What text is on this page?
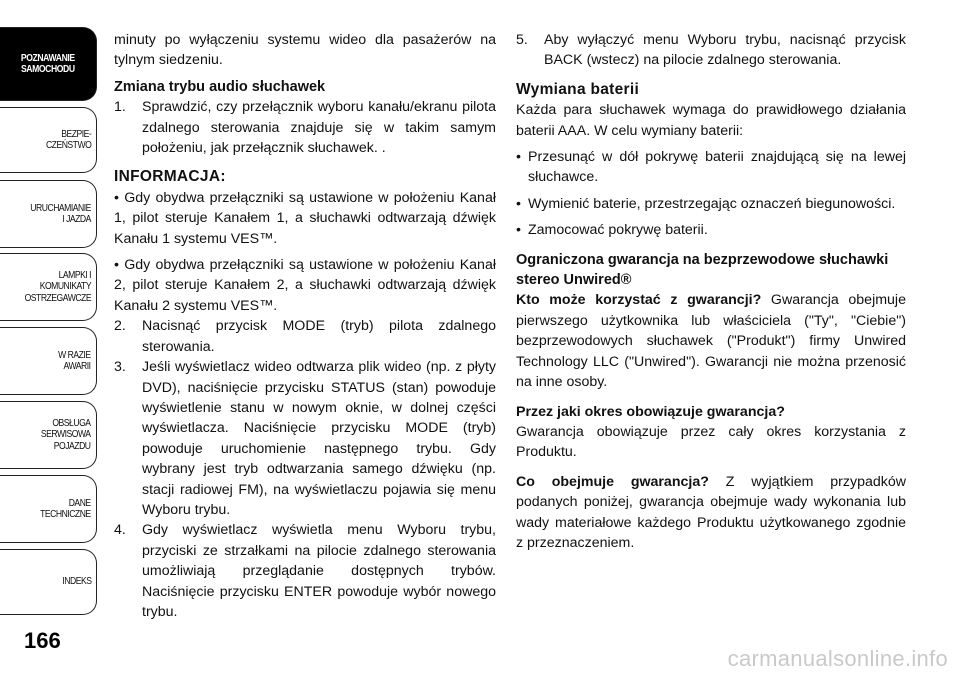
POZNAWANIE
SAMOCHODU
BEZPIE-
CZEŃSTWO
URUCHAMIANIE
I JAZDA
LAMPKI I
KOMUNIKATY
OSTRZEGAWCZE
W RAZIE
AWARII
OBSŁUGA
SERWISOWA
POJAZDU
DANE
TECHNICZNE
INDEKS
166

minuty po wyłączeniu systemu wideo dla pasażerów na tylnym siedzeniu.

Zmiana trybu audio słuchawek

1. Sprawdzić, czy przełącznik wyboru kanału/ekranu pilota zdalnego sterowania znajduje się w takim samym położeniu, jak przełącznik słuchawek. .

INFORMACJA:

• Gdy obydwa przełączniki są ustawione w położeniu Kanał 1, pilot steruje Kanałem 1, a słuchawki odtwarzają dźwięk Kanału 1 systemu VES™.

• Gdy obydwa przełączniki są ustawione w położeniu Kanał 2, pilot steruje Kanałem 2, a słuchawki odtwarzają dźwięk Kanału 2 systemu VES™.

2. Nacisnąć przycisk MODE (tryb) pilota zdalnego sterowania.

3. Jeśli wyświetlacz wideo odtwarza plik wideo (np. z płyty DVD), naciśnięcie przycisku STATUS (stan) powoduje wyświetlenie stanu w nowym oknie, w dolnej części wyświetlacza. Naciśnięcie przycisku MODE (tryb) powoduje uruchomienie następnego trybu. Gdy wybrany jest tryb odtwarzania samego dźwięku (np. stacji radiowej FM), na wyświetlaczu pojawia się menu Wyboru trybu.

4. Gdy wyświetlacz wyświetla menu Wyboru trybu, przyciski ze strzałkami na pilocie zdalnego sterowania umożliwiają przeglądanie dostępnych trybów. Naciśnięcie przycisku ENTER powoduje wybór nowego trybu.

5. Aby wyłączyć menu Wyboru trybu, nacisnąć przycisk BACK (wstecz) na pilocie zdalnego sterowania.

Wymiana baterii

Każda para słuchawek wymaga do prawidłowego działania baterii AAA. W celu wymiany baterii:

• Przesunąć w dół pokrywę baterii znajdującą się na lewej słuchawce.

• Wymienić baterie, przestrzegając oznaczeń biegunowości.

• Zamocować pokrywę baterii.

Ograniczona gwarancja na bezprzewodowe słuchawki stereo Unwired®

Kto może korzystać z gwarancji? Gwarancja obejmuje pierwszego użytkownika lub właściciela ("Ty", "Ciebie") bezprzewodowych słuchawek ("Produkt") firmy Unwired Technology LLC ("Unwired"). Gwarancji nie można przenosić na inne osoby.

Przez jaki okres obowiązuje gwarancja?
Gwarancja obowiązuje przez cały okres korzystania z Produktu.

Co obejmuje gwarancja? Z wyjątkiem przypadków podanych poniżej, gwarancja obejmuje wady wykonania lub wady materiałowe każdego Produktu użytkowanego zgodnie z przeznaczeniem.

carmanualsonline.info
